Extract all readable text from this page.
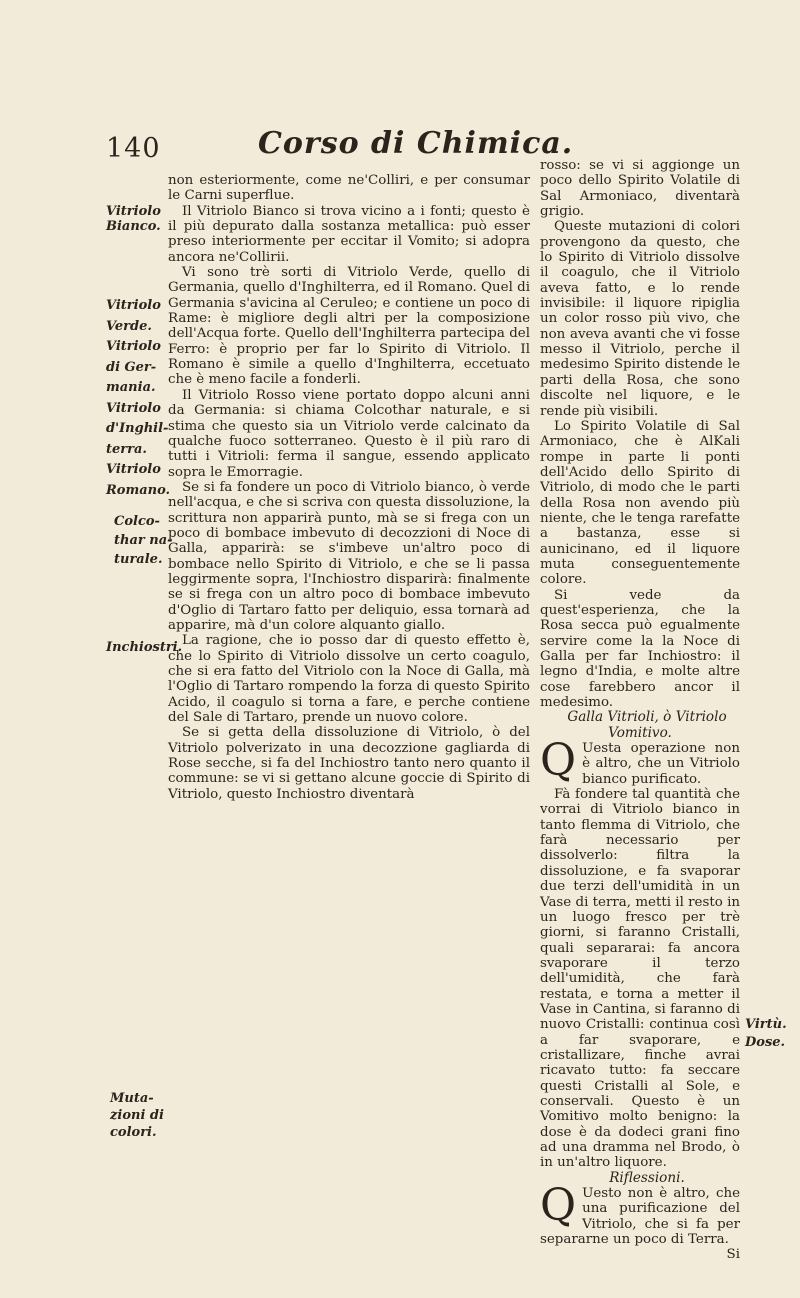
140	Corso di Chimica.
Vitriolo
Bianco.
Vitriolo
Verde.
Vitriolo
di Ger-
mania.
Vitriolo
d'Inghil-
terra.
Vitriolo
Romano.
Colco-
thar na-
turale.
Inchiostri.
Muta-
zioni di
colori.
Virtù.
Dose.

non esteriormente, come ne'Colliri, e per consumar le Carni superflue.

Il Vitriolo Bianco si trova vicino a i fonti; questo è il più depurato dalla sostanza metallica: può esser preso interiormente per eccitar il Vomito; si adopra ancora ne'Collirii.

Vi sono trè sorti di Vitriolo Verde, quello di Germania, quello d'Inghilterra, ed il Romano. Quel di Germania s'avicina al Ceruleo; e contiene un poco di Rame: è migliore degli altri per la composizione dell'Acqua forte. Quello dell'Inghilterra partecipa del Ferro: è proprio per far lo Spirito di Vitriolo. Il Romano è simile a quello d'Inghilterra, eccetuato che è meno facile a fonderli.

Il Vitriolo Rosso viene portato doppo alcuni anni da Germania: si chiama Colcothar naturale, e si stima che questo sia un Vitriolo verde calcinato da qualche fuoco sotterraneo. Questo è il più raro di tutti i Vitrioli: ferma il sangue, essendo applicato sopra le Emorragie.

Se si fa fondere un poco di Vitriolo bianco, ò verde nell'acqua, e che si scriva con questa dissoluzione, la scrittura non apparirà punto, mà se si frega con un poco di bombace imbevuto di decozzioni di Noce di Galla, apparirà: se s'imbeve un'altro poco di bombace nello Spirito di Vitriolo, e che se li passa leggirmente sopra, l'Inchiostro disparirà: finalmente se si frega con un altro poco di bombace imbevuto d'Oglio di Tartaro fatto per deliquio, essa tornarà ad apparire, mà d'un colore alquanto giallo.

La ragione, che io posso dar di questo effetto è, che lo Spirito di Vitriolo dissolve un certo coagulo, che si era fatto del Vitriolo con la Noce di Galla, mà l'Oglio di Tartaro rompendo la forza di questo Spirito Acido, il coagulo si torna a fare, e perche contiene del Sale di Tartaro, prende un nuovo colore.

Se si getta della dissoluzione di Vitriolo, ò del Vitriolo polverizato in una decozzione gagliarda di Rose secche, si fa del Inchiostro tanto nero quanto il commune: se vi si gettano alcune goccie di Spirito di Vitriolo, questo Inchiostro diventarà

rosso: se vi si aggionge un poco dello Spirito Volatile di Sal Armoniaco, diventarà grigio.

Queste mutazioni di colori provengono da questo, che lo Spirito di Vitriolo dissolve il coagulo, che il Vitriolo aveva fatto, e lo rende invisibile: il liquore ripiglia un color rosso più vivo, che non aveva avanti che vi fosse messo il Vitriolo, perche il medesimo Spirito distende le parti della Rosa, che sono discolte nel liquore, e le rende più visibili.

Lo Spirito Volatile di Sal Armoniaco, che è AlKali rompe in parte li ponti dell'Acido dello Spirito di Vitriolo, di modo che le parti della Rosa non avendo più niente, che le tenga rarefatte a bastanza, esse si aunicinano, ed il liquore muta conseguentemente colore.

Si vede da quest'esperienza, che la Rosa secca può egualmente servire come la la Noce di Galla per far Inchiostro: il legno d'India, e molte altre cose farebbero ancor il medesimo.

Galla Vitrioli, ò Vitriolo Vomitivo.

Q Uesta operazione non è altro, che un Vitriolo bianco purificato.

Fà fondere tal quantità che vorrai di Vitriolo bianco in tanto flemma di Vitriolo, che farà necessario per dissolverlo: filtra la dissoluzione, e fa svaporar due terzi dell'umidità in un Vase di terra, metti il resto in un luogo fresco per trè giorni, si faranno Cristalli, quali separarai: fa ancora svaporare il terzo dell'umidità, che farà restata, e torna a metter il Vase in Cantina, si faranno di nuovo Cristalli: continua così a far svaporare, e cristallizare, finche avrai ricavato tutto: fa seccare questi Cristalli al Sole, e conservali. Questo è un Vomitivo molto benigno: la dose è da dodeci grani fino ad una dramma nel Brodo, ò in un'altro liquore.

Riflessioni.

Q Uesto non è altro, che una purificazione del Vitriolo, che si fa per separarne un poco di Terra.

Si
